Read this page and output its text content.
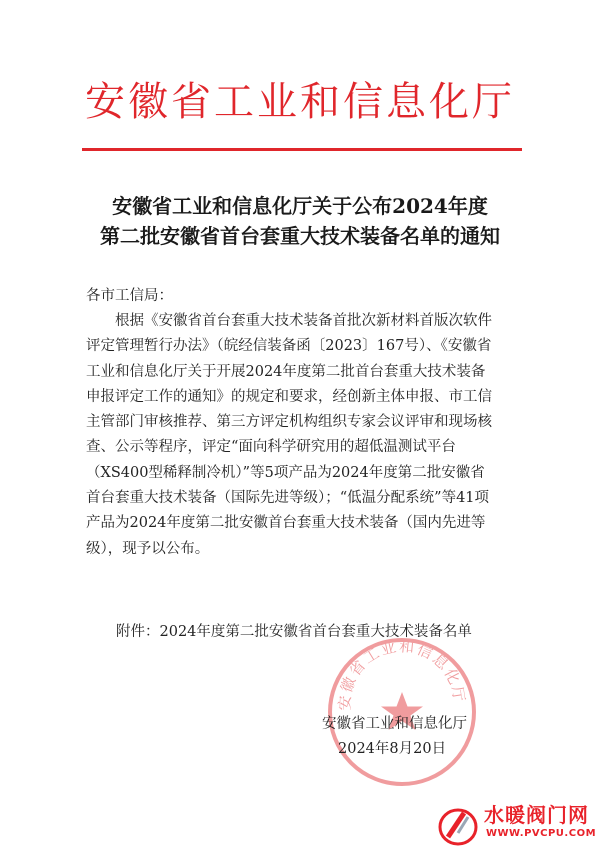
安徽省工业和信息化厅
安徽省工业和信息化厅关于公布2024年度
第二批安徽省首台套重大技术装备名单的通知
各市工信局：
根据《安徽省首台套重大技术装备首批次新材料首版次软件
评定管理暂行办法》（皖经信装备函〔2023〕167号）、《安徽省
工业和信息化厅关于开展2024年度第二批首台套重大技术装备
申报评定工作的通知》的规定和要求，经创新主体申报、市工信
主管部门审核推荐、第三方评定机构组织专家会议评审和现场核
查、公示等程序，评定“面向科学研究用的超低温测试平台
（XS400型稀释制冷机）”等5项产品为2024年度第二批安徽省
首台套重大技术装备（国际先进等级）；“低温分配系统”等41项
产品为2024年度第二批安徽首台套重大技术装备（国内先进等
级），现予以公布。
附件：2024年度第二批安徽省首台套重大技术装备名单
安徽省工业和信息化厅
安徽省工业和信息化厅
2024年8月20日
水暖阀门网
WWW.PVCPU.COM
